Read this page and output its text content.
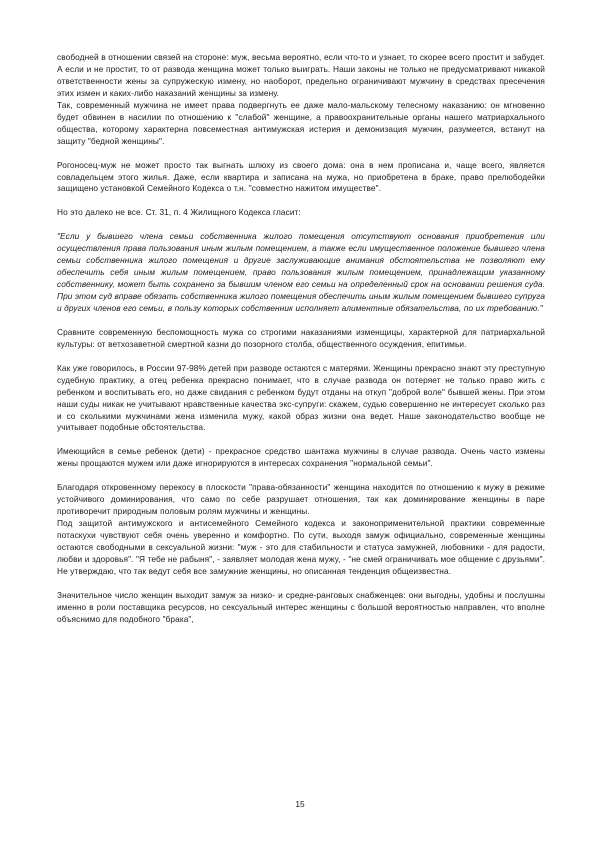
свободней в отношении связей на стороне: муж, весьма вероятно, если что-то и узнает, то скорее всего простит и забудет. А если и не простит, то от развода женщина может только выиграть. Наши законы не только не предусматривают никакой ответственности жены за супружескую измену, но наоборот, предельно ограничивают мужчину в средствах пресечения этих измен и каких-либо наказаний женщины за измену.

Так, современный мужчина не имеет права подвергнуть ее даже мало-мальскому телесному наказанию: он мгновенно будет обвинен в насилии по отношению к "слабой" женщине, а правоохранительные органы нашего матриархального общества, которому характерна повсеместная антимужская истерия и демонизация мужчин, разумеется, встанут на защиту "бедной женщины".

Рогоносец-муж не может просто так выгнать шлюху из своего дома: она в нем прописана и, чаще всего, является совладельцем этого жилья. Даже, если квартира и записана на мужа, но приобретена в браке, право прелюбодейки защищено установкой Семейного Кодекса о т.н. "совместно нажитом имуществе".

Но это далеко не все. Ст. 31, п. 4 Жилищного Кодекса гласит:

"Если у бывшего члена семьи собственника жилого помещения отсутствуют основания приобретения или осуществления права пользования иным жилым помещением, а также если имущественное положение бывшего члена семьи собственника жилого помещения и другие заслуживающие внимания обстоятельства не позволяют ему обеспечить себя иным жилым помещением, право пользования жилым помещением, принадлежащим указанному собственнику, может быть сохранено за бывшим членом его семьи на определенный срок на основании решения суда. При этом суд вправе обязать собственника жилого помещения обеспечить иным жилым помещением бывшего супруга и других членов его семьи, в пользу которых собственник исполняет алиментные обязательства, по их требованию."

Сравните современную беспомощность мужа со строгими наказаниями изменщицы, характерной для патриархальной культуры: от ветхозаветной смертной казни до позорного столба, общественного осуждения, епитимьи.

Как уже говорилось, в России 97-98% детей при разводе остаются с матерями. Женщины прекрасно знают эту преступную судебную практику, а отец ребенка прекрасно понимает, что в случае развода он потеряет не только право жить с ребенком и воспитывать его, но даже свидания с ребенком будут отданы на откуп "доброй воле" бывшей жены. При этом наши суды никак не учитывают нравственные качества экс-супруги: скажем, судью совершенно не интересует сколько раз и со сколькими мужчинами жена изменила мужу, какой образ жизни она ведет. Наше законодательство вообще не учитывает подобные обстоятельства.

Имеющийся в семье ребенок (дети) - прекрасное средство шантажа мужчины в случае развода. Очень часто измены жены прощаются мужем или даже игнорируются в интересах сохранения "нормальной семьи".

Благодаря откровенному перекосу в плоскости "права-обязанности" женщина находится по отношению к мужу в режиме устойчивого доминирования, что само по себе разрушает отношения, так как доминирование женщины в паре противоречит природным половым ролям мужчины и женщины.

Под защитой антимужского и антисемейного Семейного кодекса и законоприменительной практики современные потаскухи чувствуют себя очень уверенно и комфортно. По сути, выходя замуж официально, современные женщины остаются свободными в сексуальной жизни: "муж - это для стабильности и статуса замужней, любовники - для радости, любви и здоровья". "Я тебе не рабыня", - заявляет молодая жена мужу, - "не смей ограничивать мое общение с друзьями". Не утверждаю, что так ведут себя все замужние женщины, но описанная тенденция общеизвестна.

Значительное число женщин выходит замуж за низко- и средне-ранговых снабженцев: они выгодны, удобны и послушны именно в роли поставщика ресурсов, но сексуальный интерес женщины с большой вероятностью направлен, что вполне объяснимо для подобного "брака",

15
